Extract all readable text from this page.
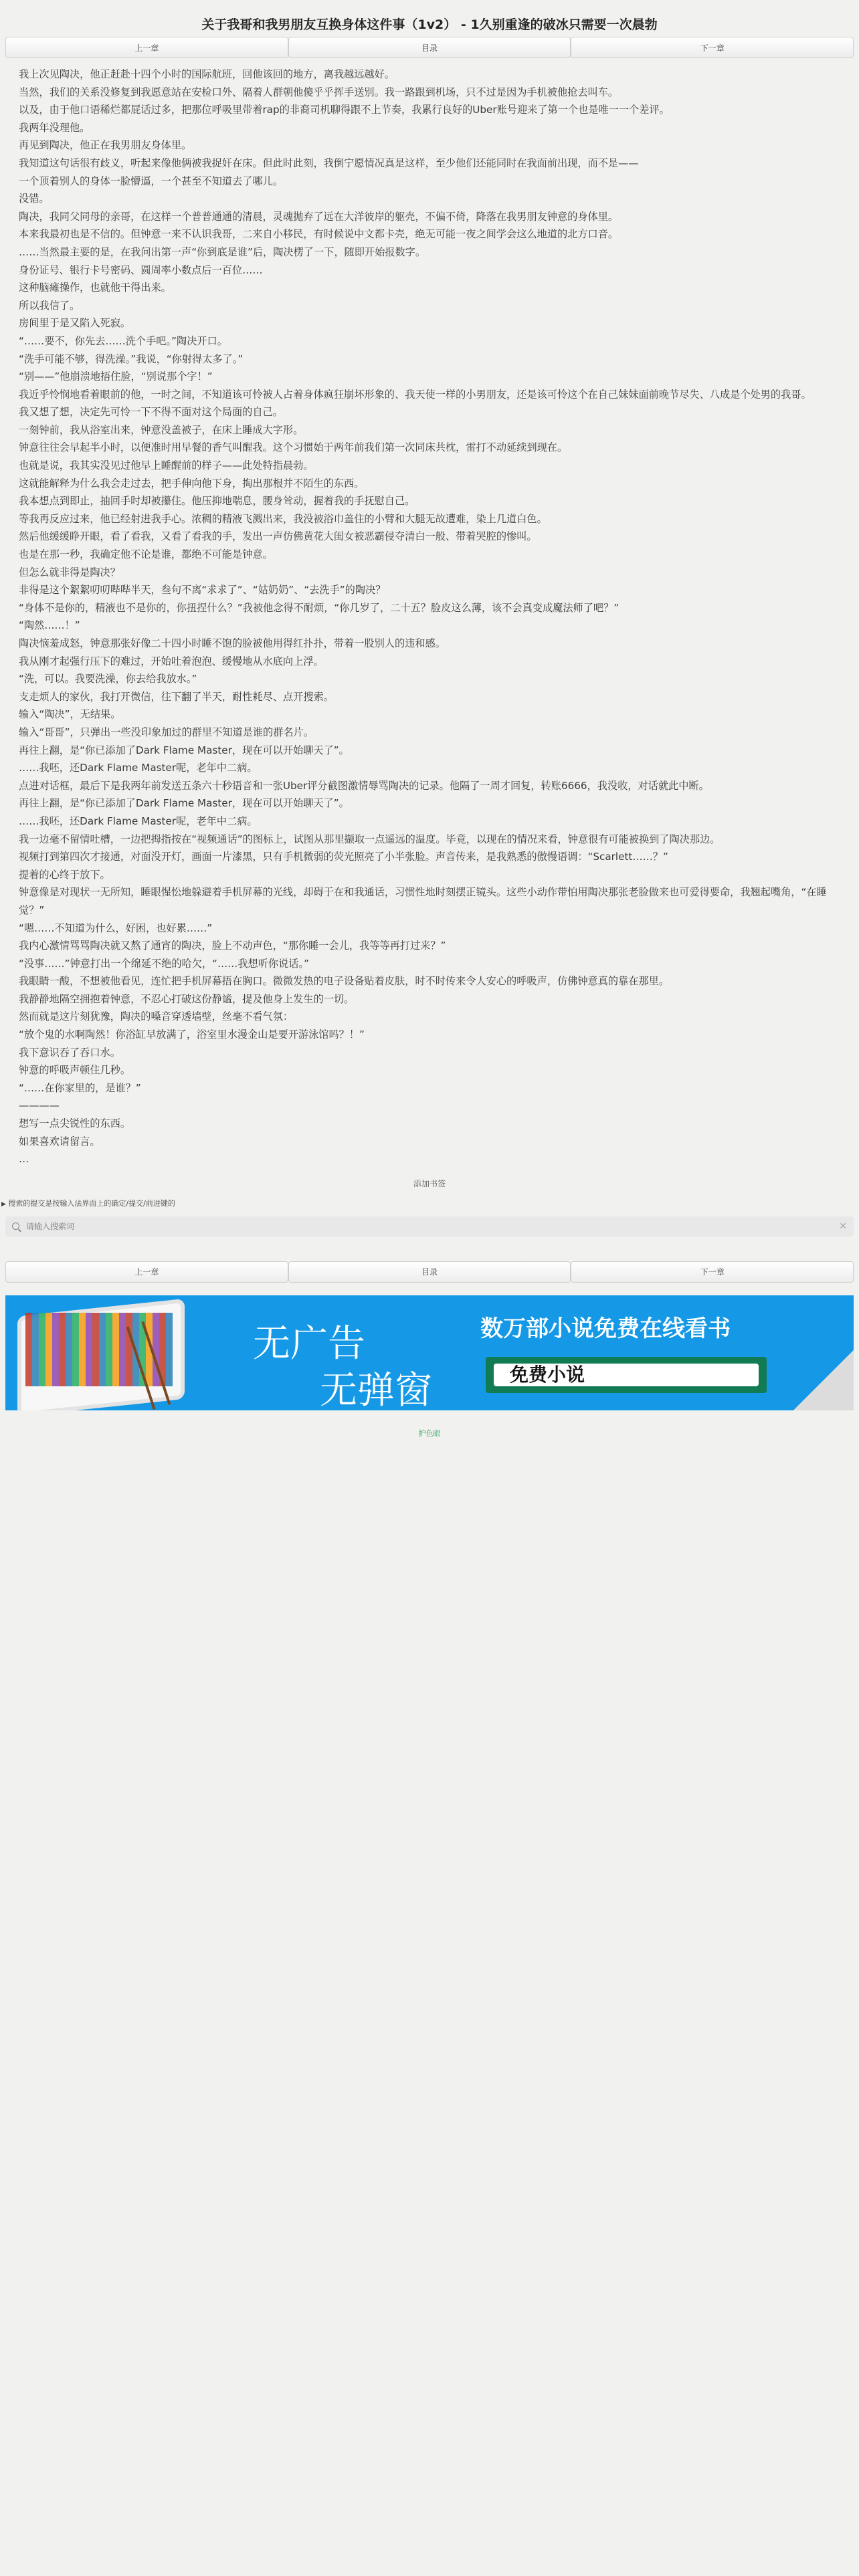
关于我哥和我男朋友互换身体这件事（1v2） - 1久别重逢的破冰只需要一次晨勃
上一章	目录	下一章

我上次见陶决，他正赶赴十四个小时的国际航班，回他该回的地方，离我越远越好。

当然，我们的关系没修复到我愿意站在安检口外、隔着人群朝他傻乎乎挥手送别。我一路跟到机场，只不过是因为手机被他抢去叫车。

以及，由于他口语稀烂都屁话过多，把那位呼吸里带着rap的非裔司机聊得跟不上节奏，我累行良好的Uber账号迎来了第一个也是唯一一个差评。

我两年没理他。

再见到陶决，他正在我男朋友身体里。

我知道这句话很有歧义，听起来像他俩被我捉奸在床。但此时此刻，我倒宁愿情况真是这样，至少他们还能同时在我面前出现，而不是——

一个顶着别人的身体一脸懵逼，一个甚至不知道去了哪儿。

没错。

陶决，我同父同母的亲哥，在这样一个普普通通的清晨，灵魂抛弃了远在大洋彼岸的躯壳，不偏不倚，降落在我男朋友钟意的身体里。

本来我最初也是不信的。但钟意一来不认识我哥，二来自小移民，有时候说中文都卡壳，绝无可能一夜之间学会这么地道的北方口音。

……当然最主要的是，在我问出第一声“你到底是谁”后，陶决楞了一下，随即开始报数字。

身份证号、银行卡号密码、圆周率小数点后一百位……

这种脑瘫操作，也就他干得出来。

所以我信了。

房间里于是又陷入死寂。

“……要不，你先去……洗个手吧。”陶决开口。

“洗手可能不够，得洗澡。”我说，“你射得太多了。”

“别——”他崩溃地捂住脸，“别说那个字！”

我近乎怜悯地看着眼前的他，一时之间，不知道该可怜被人占着身体疯狂崩坏形象的、我天使一样的小男朋友，还是该可怜这个在自己妹妹面前晚节尽失、八成是个处男的我哥。

我又想了想，决定先可怜一下不得不面对这个局面的自己。

一刻钟前，我从浴室出来，钟意没盖被子，在床上睡成大字形。

钟意往往会早起半小时，以便准时用早餐的香气叫醒我。这个习惯始于两年前我们第一次同床共枕，雷打不动延续到现在。

也就是说，我其实没见过他早上睡醒前的样子——此处特指晨勃。

这就能解释为什么我会走过去，把手伸向他下身，掏出那根并不陌生的东西。

我本想点到即止，抽回手时却被攥住。他压抑地喘息，腰身耸动，握着我的手抚慰自己。

等我再反应过来，他已经射进我手心。浓稠的精液飞溅出来，我没被浴巾盖住的小臂和大腿无故遭难，染上几道白色。

然后他缓缓睁开眼，看了看我，又看了看我的手，发出一声仿佛黄花大闺女被恶霸侵夺清白一般、带着哭腔的惨叫。

也是在那一秒，我确定他不论是谁，都绝不可能是钟意。

但怎么就非得是陶决？

非得是这个絮絮叨叨哔哔半天，叁句不离“求求了”、“姑奶奶”、“去洗手”的陶决？

“身体不是你的，精液也不是你的，你扭捏什么？”我被他念得不耐烦，“你几岁了，二十五？脸皮这么薄，该不会真变成魔法师了吧？”

“陶然……！”

陶决恼羞成怒，钟意那张好像二十四小时睡不饱的脸被他用得红扑扑，带着一股别人的违和感。

我从刚才起强行压下的难过，开始吐着泡泡、缓慢地从水底向上浮。

“洗，可以。我要洗澡，你去给我放水。”

支走烦人的家伙，我打开微信，往下翻了半天，耐性耗尽、点开搜索。

输入“陶决”，无结果。

输入“哥哥”，只弹出一些没印象加过的群里不知道是谁的群名片。

再往上翻，是“你已添加了Dark Flame Master，现在可以开始聊天了”。

……我呸，还Dark Flame Master呢，老年中二病。

点进对话框，最后下是我两年前发送五条六十秒语音和一张Uber评分截图激情辱骂陶决的记录。他隔了一周才回复，转账6666，我没收，对话就此中断。

再往上翻，是“你已添加了Dark Flame Master，现在可以开始聊天了”。

……我呸，还Dark Flame Master呢，老年中二病。

我一边毫不留情吐槽，一边把拇指按在“视频通话”的图标上，试图从那里撷取一点遥远的温度。毕竟，以现在的情况来看，钟意很有可能被换到了陶决那边。

视频打到第四次才接通，对面没开灯，画面一片漆黑，只有手机微弱的荧光照亮了小半张脸。声音传来，是我熟悉的傲慢语调：“Scarlett……？”

提着的心终于放下。

钟意像是对现状一无所知，睡眼惺忪地躲避着手机屏幕的光线，却碍于在和我通话，习惯性地时刻摆正镜头。这些小动作带怕用陶决那张老脸做来也可爱得要命，我翘起嘴角，“在睡觉？”

“嗯……不知道为什么，好困，也好累……”

我内心激情骂骂陶决就又熬了通宵的陶决，脸上不动声色，“那你睡一会儿，我等等再打过来？”

“没事……”钟意打出一个绵延不绝的哈欠，“……我想听你说话。”

我眼睛一酸，不想被他看见，连忙把手机屏幕捂在胸口。微微发热的电子设备贴着皮肤，时不时传来令人安心的呼吸声，仿佛钟意真的靠在那里。

我静静地隔空拥抱着钟意，不忍心打破这份静谧，提及他身上发生的一切。

然而就是这片刻犹豫，陶决的嗓音穿透墙壁，丝毫不看气氛：

“放个鬼的水啊陶然！你浴缸早放满了，浴室里水漫金山是要开游泳馆吗？！”

我下意识吞了吞口水。

钟意的呼吸声顿住几秒。

“……在你家里的，是谁？”

————

想写一点尖锐性的东西。

如果喜欢请留言。

…

添加书签
▶ 搜索的提交是按输入法界面上的确定/提交/前进键的
请输入搜索词
✕
上一章	目录	下一章
无广告
无弹窗
数万部小说免费在线看书
免费小说
护色眼
